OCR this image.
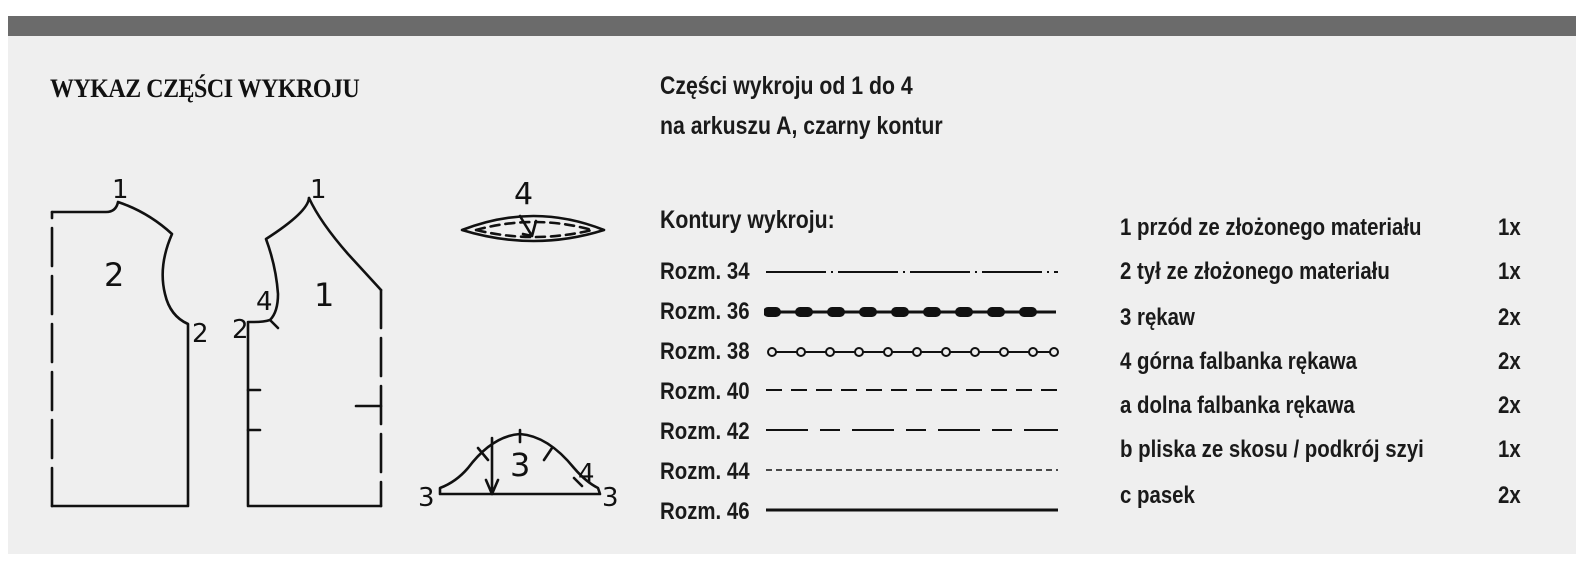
WYKAZ CZĘŚCI WYKROJU
1
2
2
1
4
2
1
4
3
3
4
3
Części wykroju od 1 do 4
na arkuszu A, czarny kontur
Kontury wykroju:
Rozm. 34
Rozm. 36
Rozm. 38
Rozm. 40
Rozm. 42
Rozm. 44
Rozm. 46
1 przód ze złożonego materiału	1x
2 tył ze złożonego materiału	1x
3 rękaw	2x
4 górna falbanka rękawa	2x
a dolna falbanka rękawa	2x
b pliska ze skosu / podkrój szyi	1x
c pasek	2x
